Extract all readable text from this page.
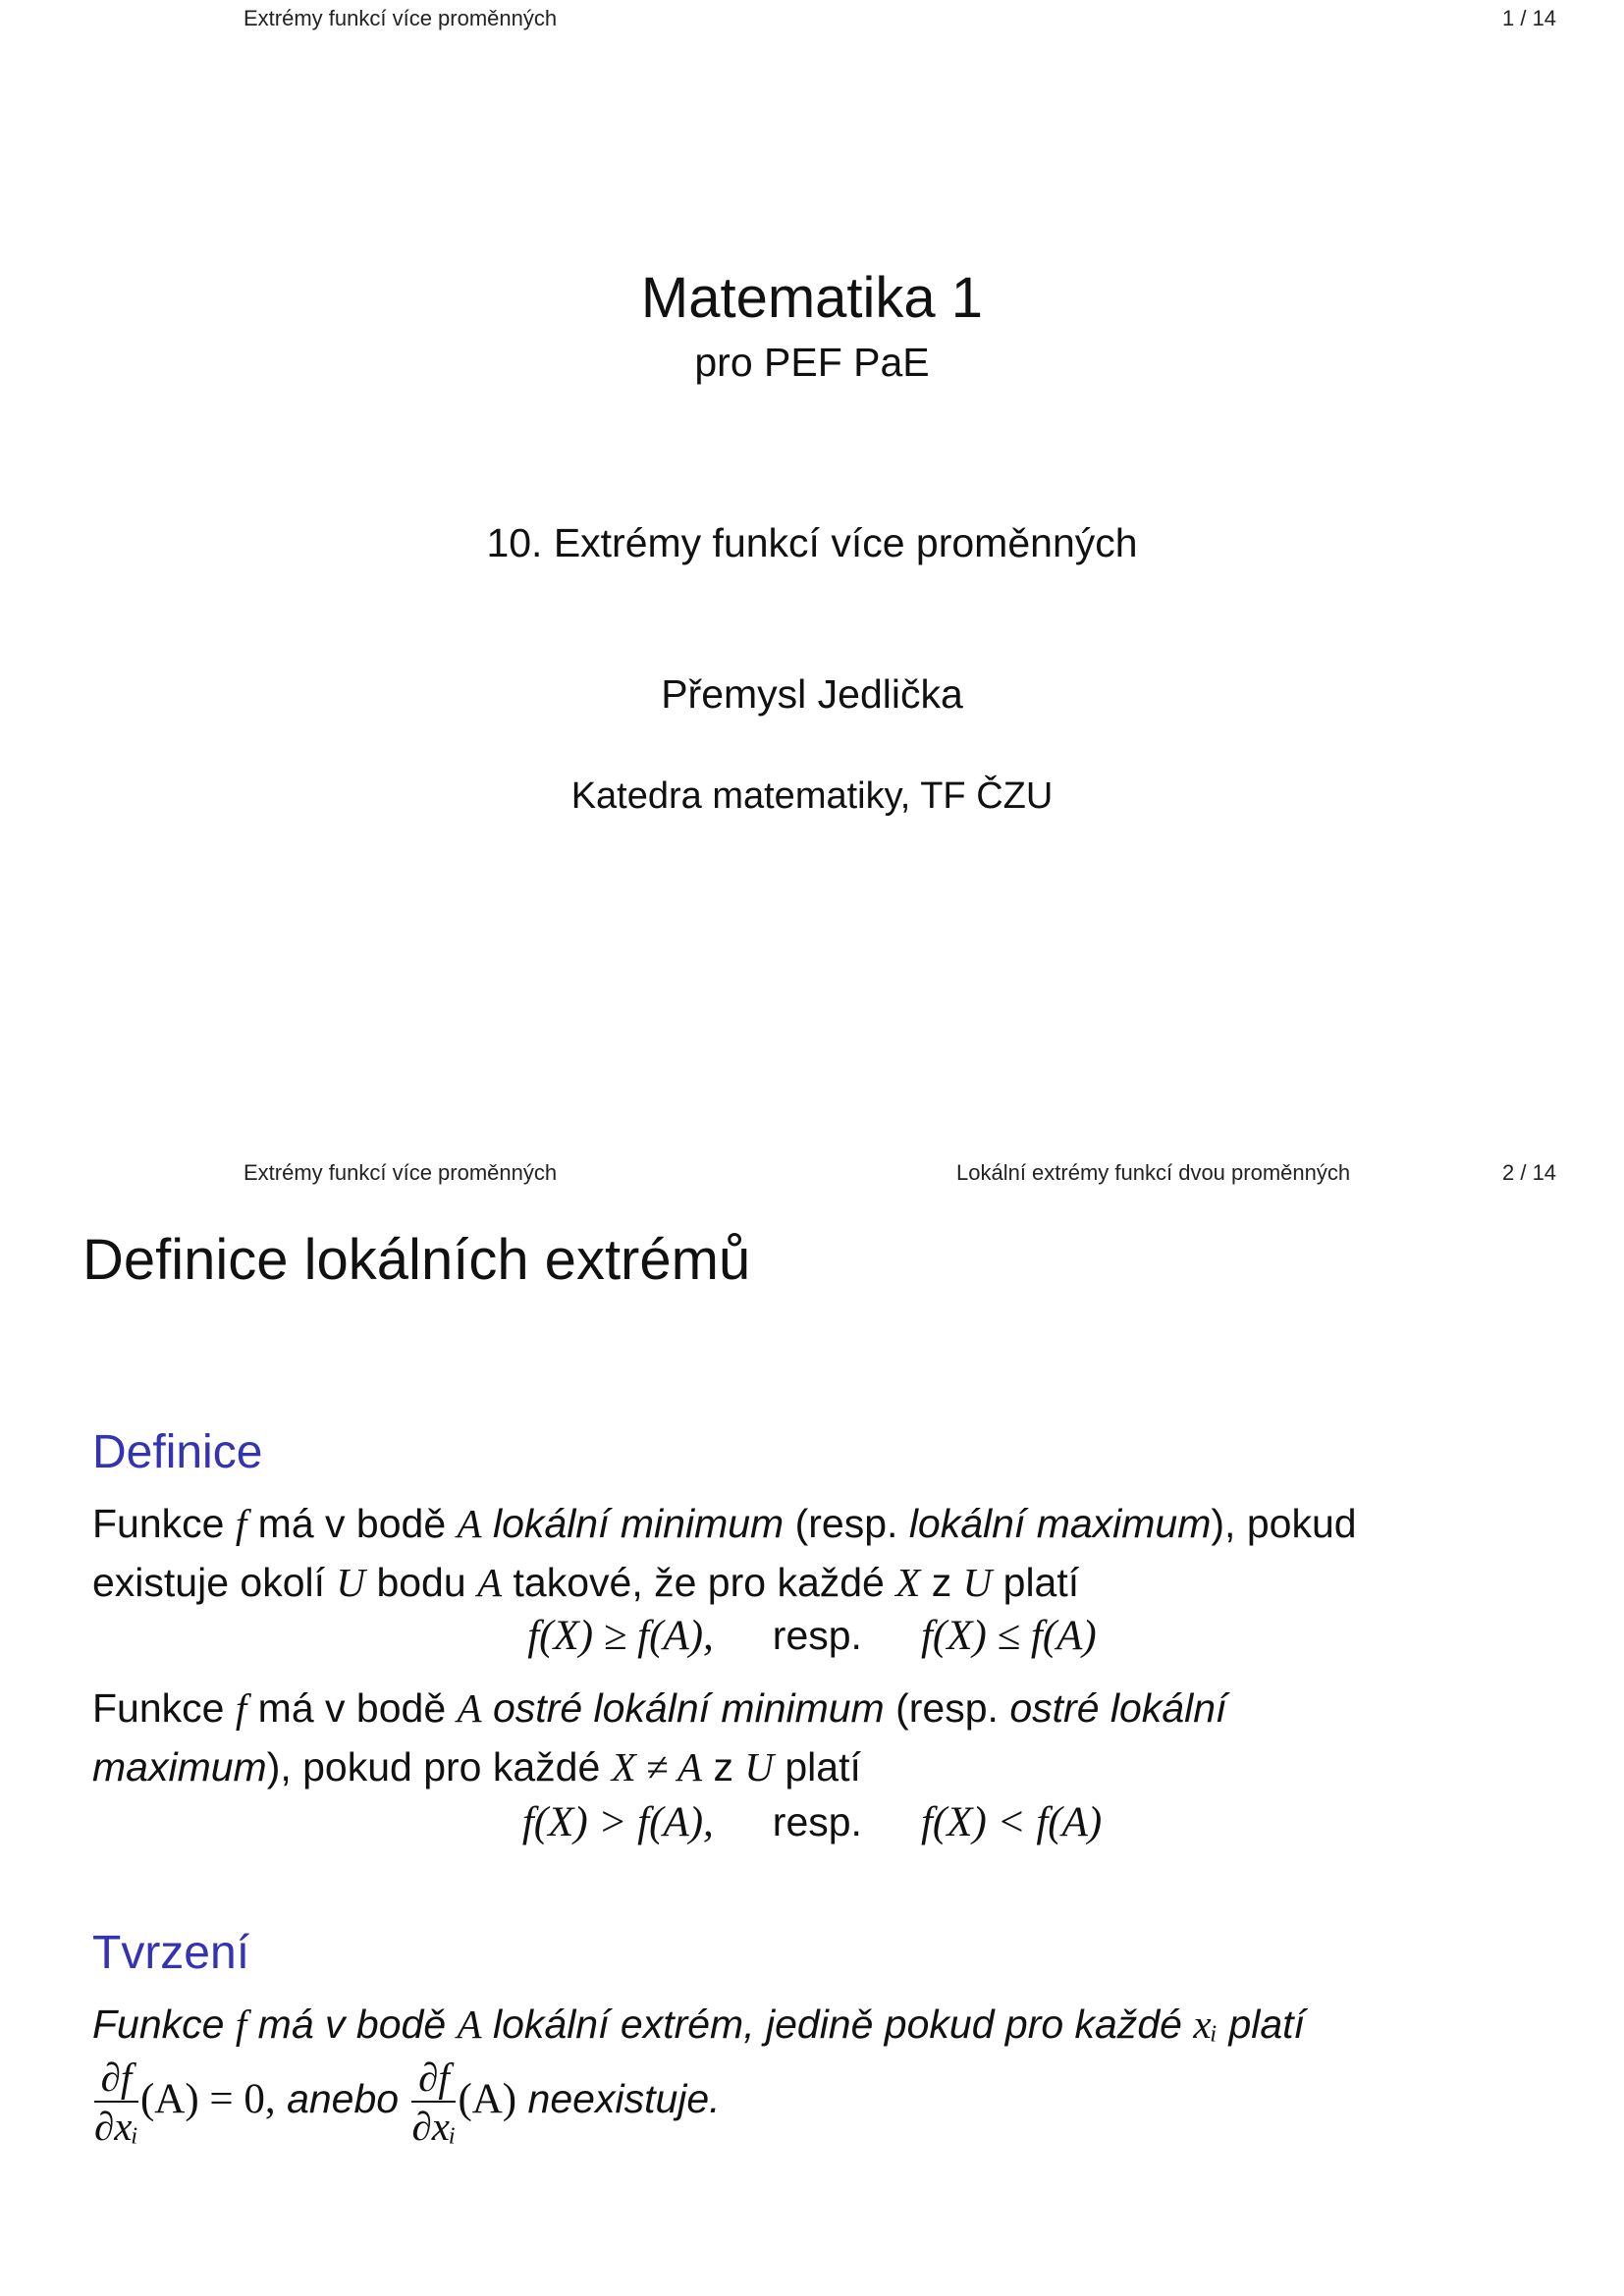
Extrémy funkcí více proměnných	1 / 14
Matematika 1
pro PEF PaE
10. Extrémy funkcí více proměnných
Přemysl Jedlička
Katedra matematiky, TF ČZU
Extrémy funkcí více proměnných	Lokální extrémy funkcí dvou proměnných	2 / 14
Definice lokálních extrémů
Definice
Funkce f má v bodě A lokální minimum (resp. lokální maximum), pokud
existuje okolí U bodu A takové, že pro každé X z U platí
f(X) ≥ f(A), resp. f(X) ≤ f(A)
Funkce f má v bodě A ostré lokální minimum (resp. ostré lokální
maximum), pokud pro každé X ≠ A z U platí
f(X) > f(A), resp. f(X) < f(A)
Tvrzení
Funkce f má v bodě A lokální extrém, jedině pokud pro každé xᵢ platí
$\frac{\partial f}{\text{∂xᵢ}} (A) = 0$, anebo $\frac{\partial f}{\text{∂xᵢ}} (A)$ neexistuje.
